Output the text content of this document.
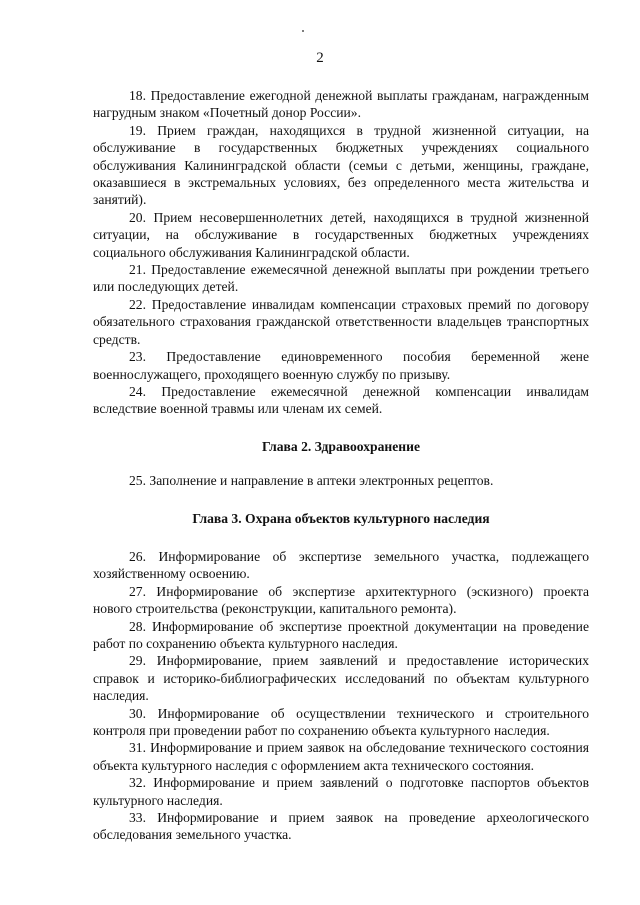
2

18. Предоставление ежегодной денежной выплаты гражданам, награжденным нагрудным знаком «Почетный донор России».

19. Прием граждан, находящихся в трудной жизненной ситуации, на обслуживание в государственных бюджетных учреждениях социального обслуживания Калининградской области (семьи с детьми, женщины, граждане, оказавшиеся в экстремальных условиях, без определенного места жительства и занятий).

20. Прием несовершеннолетних детей, находящихся в трудной жизненной ситуации, на обслуживание в государственных бюджетных учреждениях социального обслуживания Калининградской области.

21. Предоставление ежемесячной денежной выплаты при рождении третьего или последующих детей.

22. Предоставление инвалидам компенсации страховых премий по договору обязательного страхования гражданской ответственности владельцев транспортных средств.

23. Предоставление единовременного пособия беременной жене военнослужащего, проходящего военную службу по призыву.

24. Предоставление ежемесячной денежной компенсации инвалидам вследствие военной травмы или членам их семей.

Глава 2. Здравоохранение

25. Заполнение и направление в аптеки электронных рецептов.

Глава 3. Охрана объектов культурного наследия

26. Информирование об экспертизе земельного участка, подлежащего хозяйственному освоению.

27. Информирование об экспертизе архитектурного (эскизного) проекта нового строительства (реконструкции, капитального ремонта).

28. Информирование об экспертизе проектной документации на проведение работ по сохранению объекта культурного наследия.

29. Информирование, прием заявлений и предоставление исторических справок и историко-библиографических исследований по объектам культурного наследия.

30. Информирование об осуществлении технического и строительного контроля при проведении работ по сохранению объекта культурного наследия.

31. Информирование и прием заявок на обследование технического состояния объекта культурного наследия с оформлением акта технического состояния.

32. Информирование и прием заявлений о подготовке паспортов объектов культурного наследия.

33. Информирование и прием заявок на проведение археологического обследования земельного участка.
